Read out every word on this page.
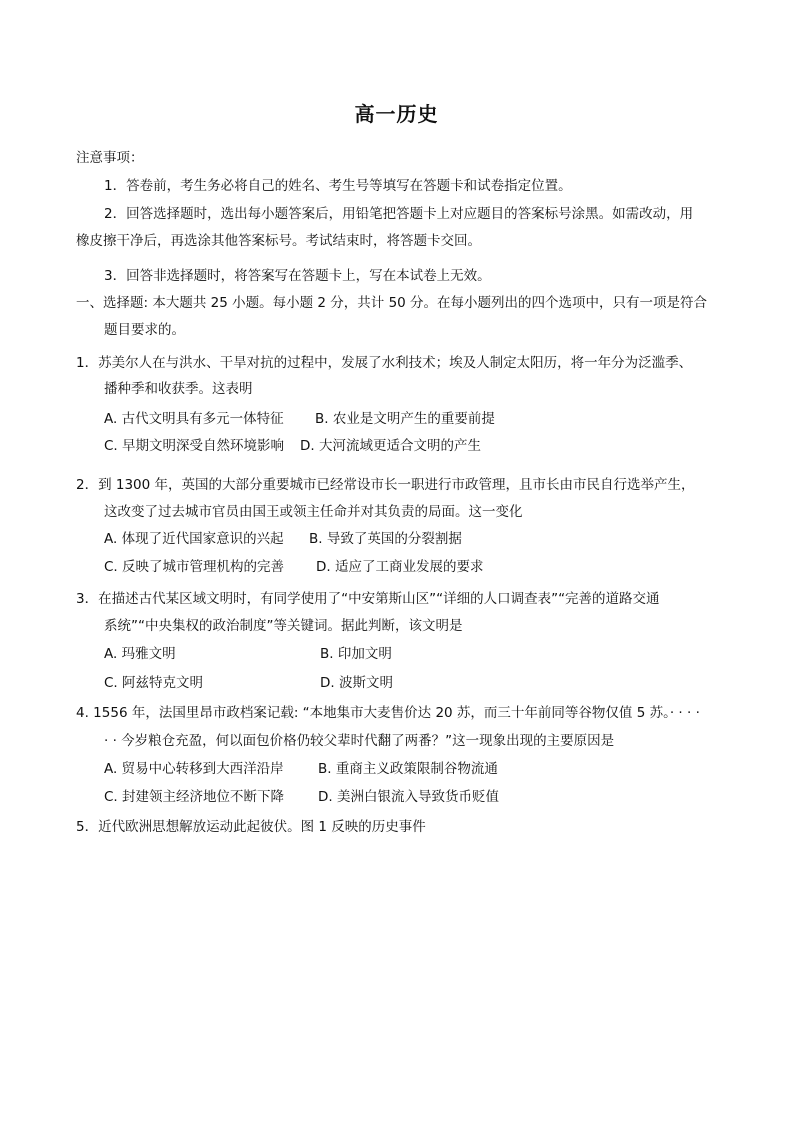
高一历史
注意事项：
1．答卷前，考生务必将自己的姓名、考生号等填写在答题卡和试卷指定位置。
2．回答选择题时，选出每小题答案后，用铅笔把答题卡上对应题目的答案标号涂黑。如需改动，用
橡皮擦干净后，再选涂其他答案标号。考试结束时，将答题卡交回。
3．回答非选择题时，将答案写在答题卡上，写在本试卷上无效。
一、选择题: 本大题共 25 小题。每小题 2 分，共计 50 分。在每小题列出的四个选项中，只有一项是符合
题目要求的。
1．苏美尔人在与洪水、干旱对抗的过程中，发展了水利技术；埃及人制定太阳历，将一年分为泛滥季、
播种季和收获季。这表明
A. 古代文明具有多元一体特征 B. 农业是文明产生的重要前提
C. 早期文明深受自然环境影响 D. 大河流域更适合文明的产生
2．到 1300 年，英国的大部分重要城市已经常设市长一职进行市政管理，且市长由市民自行选举产生，
这改变了过去城市官员由国王或领主任命并对其负责的局面。这一变化
A. 体现了近代国家意识的兴起 B. 导致了英国的分裂割据
C. 反映了城市管理机构的完善 D. 适应了工商业发展的要求
3．在描述古代某区域文明时，有同学使用了“中安第斯山区”“详细的人口调查表”“完善的道路交通
系统”“中央集权的政治制度”等关键词。据此判断，该文明是
A. 玛雅文明	B. 印加文明
C. 阿兹特克文明	D. 波斯文明
4. 1556 年，法国里昂市政档案记载: “本地集市大麦售价达 20 苏，而三十年前同等谷物仅值 5 苏。· · · ·
· · 今岁粮仓充盈，何以面包价格仍较父辈时代翻了两番？”这一现象出现的主要原因是
A. 贸易中心转移到大西洋沿岸	B. 重商主义政策限制谷物流通
C. 封建领主经济地位不断下降	D. 美洲白银流入导致货币贬值
5．近代欧洲思想解放运动此起彼伏。图 1 反映的历史事件
